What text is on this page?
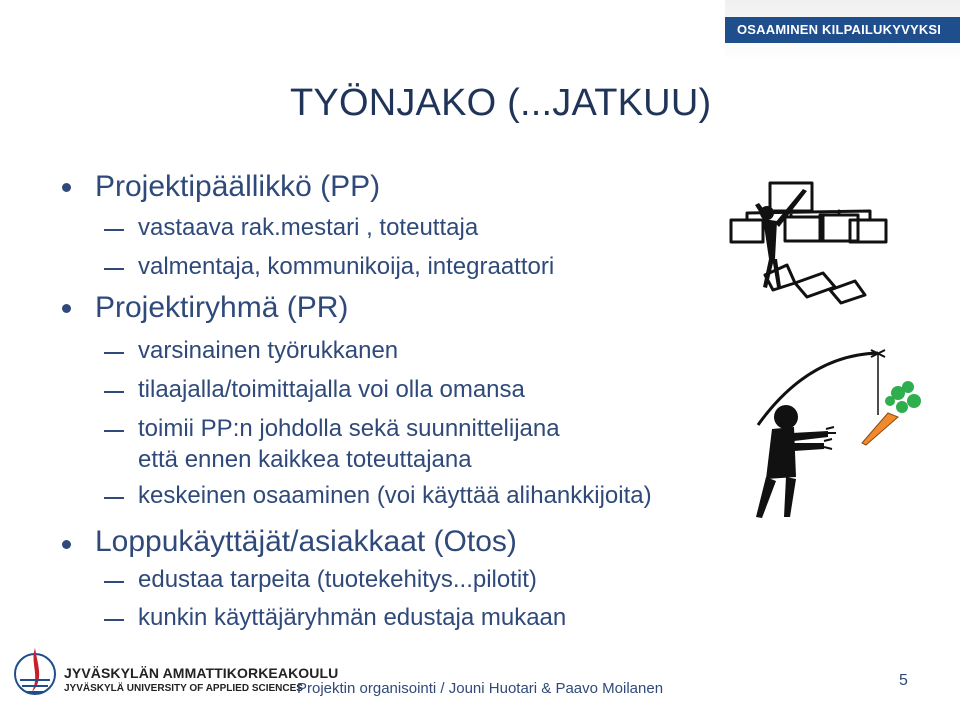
OSAAMINEN KILPAILUKYVYKSI
TYÖNJAKO (...JATKUU)
Projektipäällikkö (PP)
vastaava rak.mestari , toteuttaja
valmentaja, kommunikoija, integraattori
Projektiryhmä (PR)
varsinainen työrukkanen
tilaajalla/toimittajalla voi olla omansa
toimii PP:n johdolla sekä suunnittelijana
että ennen kaikkea toteuttajana
keskeinen osaaminen (voi käyttää alihankkijoita)
Loppukäyttäjät/asiakkaat (Otos)
edustaa tarpeita (tuotekehitys...pilotit)
kunkin käyttäjäryhmän edustaja mukaan
JYVÄSKYLÄN AMMATTIKORKEAKOULU
JYVÄSKYLÄ UNIVERSITY OF APPLIED SCIENCES
Projektin organisointi / Jouni Huotari & Paavo Moilanen	5
